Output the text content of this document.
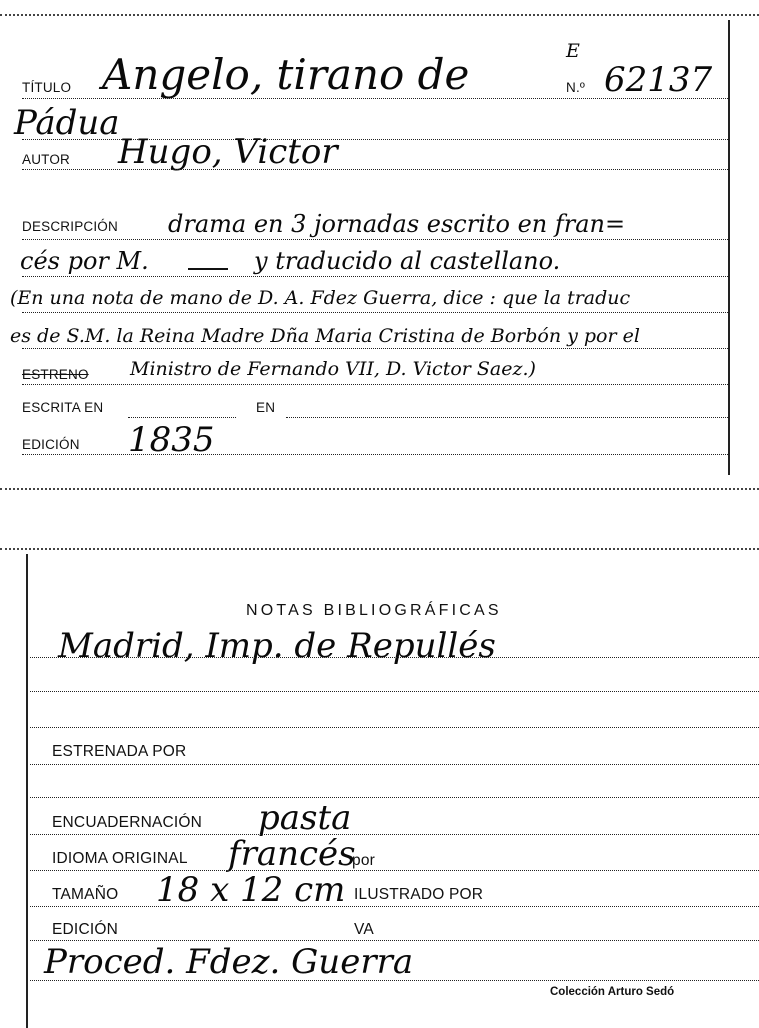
TÍTULO Angelo, tirano de	E
N.º 62137
Pádua
AUTOR Hugo, Victor
DESCRIPCIÓN drama en 3 jornadas escrito en fran=
cés por M.	y traducido al castellano.
(En una nota de mano de D. A. Fdez Guerra, dice : que la traduc
es de S.M. la Reina Madre Dña Maria Cristina de Borbón y por el
ESTRENO Ministro de Fernando VII, D. Victor Saez.)
ESCRITA EN	EN
EDICIÓN 1835
NOTAS BIBLIOGRÁFICAS
Madrid, Imp. de Repullés
ESTRENADA POR
ENCUADERNACIÓN pasta
IDIOMA ORIGINAL francés
por
TAMAÑO 18 x 12 cm ILUSTRADO POR
EDICIÓN	VA
Proced. Fdez. Guerra
Colección Arturo Sedó
